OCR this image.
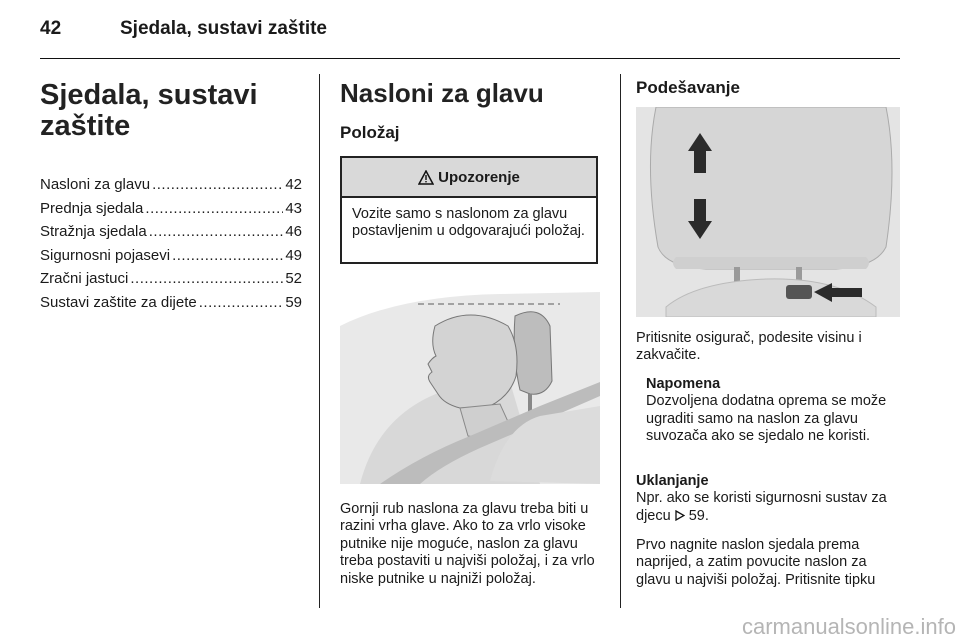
42	Sjedala, sustavi zaštite
Sjedala, sustavi zaštite
Nasloni za glavu .....	42
Prednja sjedala .....	43
Stražnja sjedala .....	46
Sigurnosni pojasevi .....	49
Zračni jastuci .....	52
Sustavi zaštite za dijete .....	59
Nasloni za glavu
Položaj
Upozorenje
Vozite samo s naslonom za glavu postavljenim u odgovarajući položaj.
Gornji rub naslona za glavu treba biti u razini vrha glave. Ako to za vrlo visoke putnike nije moguće, naslon za glavu treba postaviti u najviši položaj, i za vrlo niske putnike u najniži položaj.
Podešavanje
Pritisnite osigurač, podesite visinu i zakvačite.
Napomena
Dozvoljena dodatna oprema se može ugraditi samo na naslon za glavu suvozača ako se sjedalo ne koristi.
Uklanjanje
Npr. ako se koristi sigurnosni sustav za djecu  59.
Prvo nagnite naslon sjedala prema naprijed, a zatim povucite naslon za glavu u najviši položaj. Pritisnite tipku
carmanualsonline.info
